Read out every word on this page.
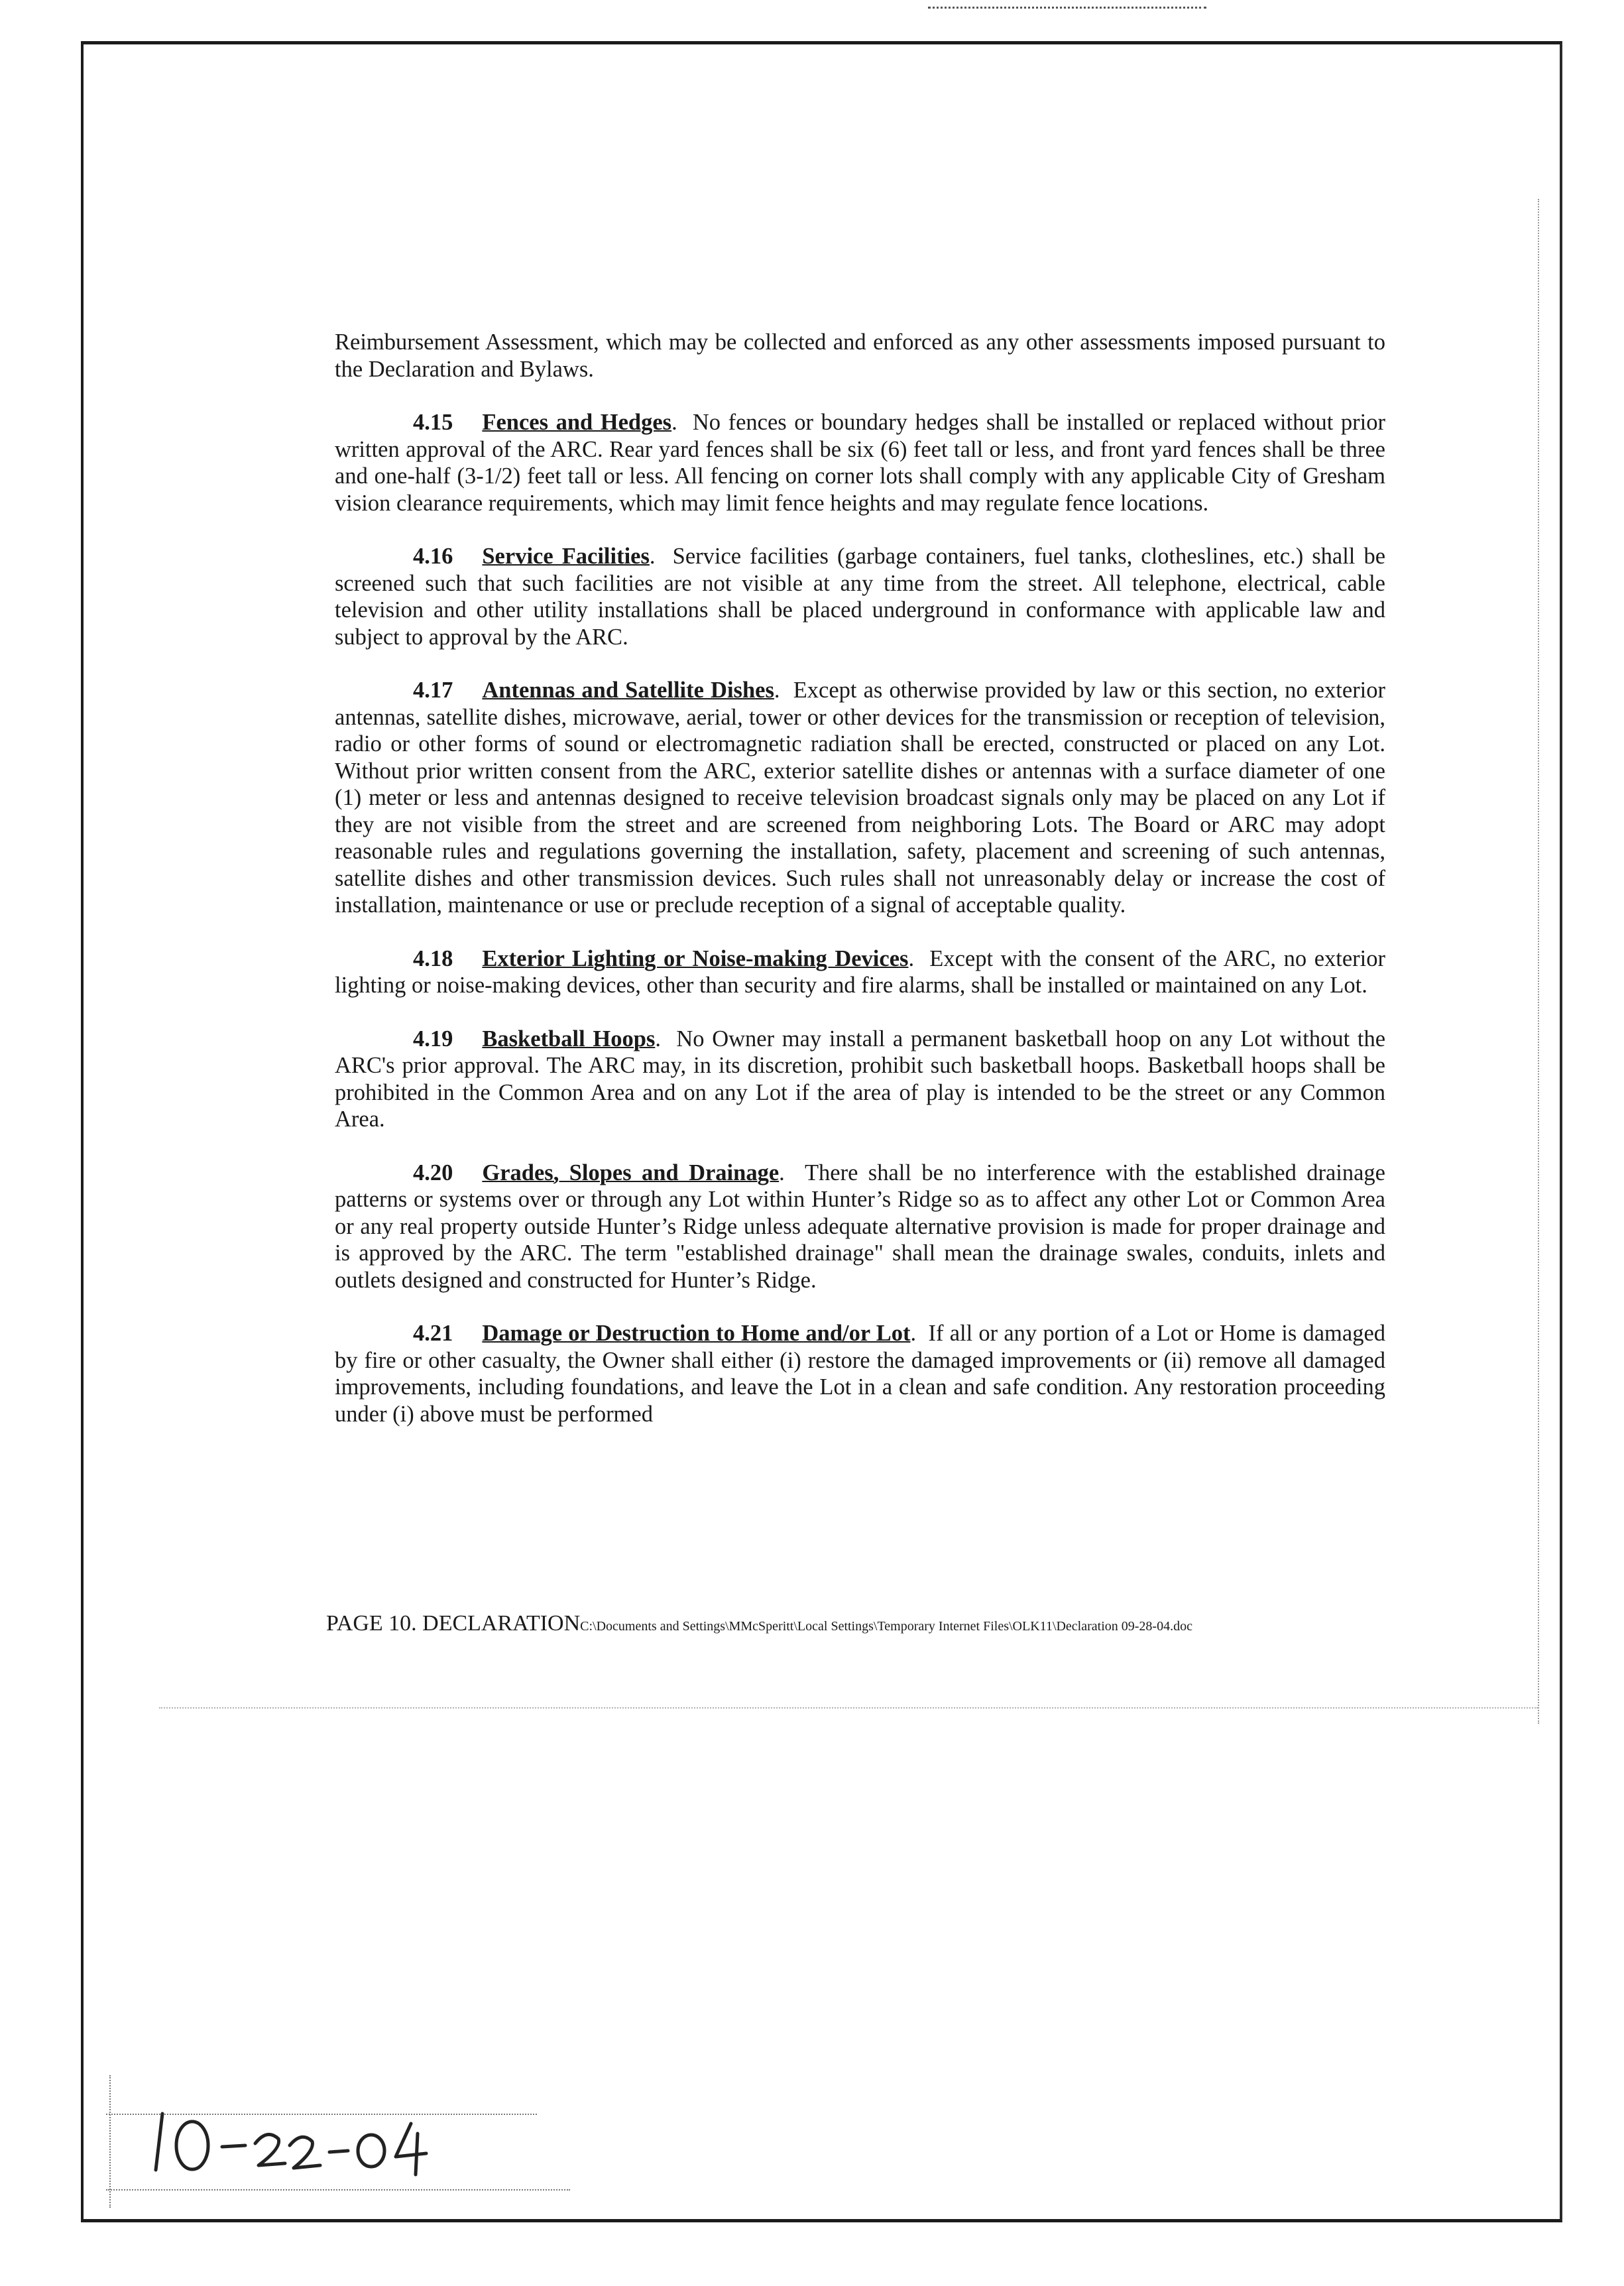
Reimbursement Assessment, which may be collected and enforced as any other assessments imposed pursuant to the Declaration and Bylaws.

4.15 Fences and Hedges.  No fences or boundary hedges shall be installed or replaced without prior written approval of the ARC. Rear yard fences shall be six (6) feet tall or less, and front yard fences shall be three and one-half (3-1/2) feet tall or less. All fencing on corner lots shall comply with any applicable City of Gresham vision clearance requirements, which may limit fence heights and may regulate fence locations.

4.16 Service Facilities.  Service facilities (garbage containers, fuel tanks, clotheslines, etc.) shall be screened such that such facilities are not visible at any time from the street. All telephone, electrical, cable television and other utility installations shall be placed underground in conformance with applicable law and subject to approval by the ARC.

4.17 Antennas and Satellite Dishes.  Except as otherwise provided by law or this section, no exterior antennas, satellite dishes, microwave, aerial, tower or other devices for the transmission or reception of television, radio or other forms of sound or electromagnetic radiation shall be erected, constructed or placed on any Lot. Without prior written consent from the ARC, exterior satellite dishes or antennas with a surface diameter of one (1) meter or less and antennas designed to receive television broadcast signals only may be placed on any Lot if they are not visible from the street and are screened from neighboring Lots. The Board or ARC may adopt reasonable rules and regulations governing the installation, safety, placement and screening of such antennas, satellite dishes and other transmission devices. Such rules shall not unreasonably delay or increase the cost of installation, maintenance or use or preclude reception of a signal of acceptable quality.

4.18 Exterior Lighting or Noise-making Devices.  Except with the consent of the ARC, no exterior lighting or noise-making devices, other than security and fire alarms, shall be installed or maintained on any Lot.

4.19 Basketball Hoops.  No Owner may install a permanent basketball hoop on any Lot without the ARC's prior approval. The ARC may, in its discretion, prohibit such basketball hoops. Basketball hoops shall be prohibited in the Common Area and on any Lot if the area of play is intended to be the street or any Common Area.

4.20 Grades, Slopes and Drainage.  There shall be no interference with the established drainage patterns or systems over or through any Lot within Hunter’s Ridge so as to affect any other Lot or Common Area or any real property outside Hunter’s Ridge unless adequate alternative provision is made for proper drainage and is approved by the ARC. The term "established drainage" shall mean the drainage swales, conduits, inlets and outlets designed and constructed for Hunter’s Ridge.

4.21 Damage or Destruction to Home and/or Lot.  If all or any portion of a Lot or Home is damaged by fire or other casualty, the Owner shall either (i) restore the damaged improvements or (ii) remove all damaged improvements, including foundations, and leave the Lot in a clean and safe condition. Any restoration proceeding under (i) above must be performed

PAGE 10. DECLARATIONC:\Documents and Settings\MMcSperitt\Local Settings\Temporary Internet Files\OLK11\Declaration 09-28-04.doc
